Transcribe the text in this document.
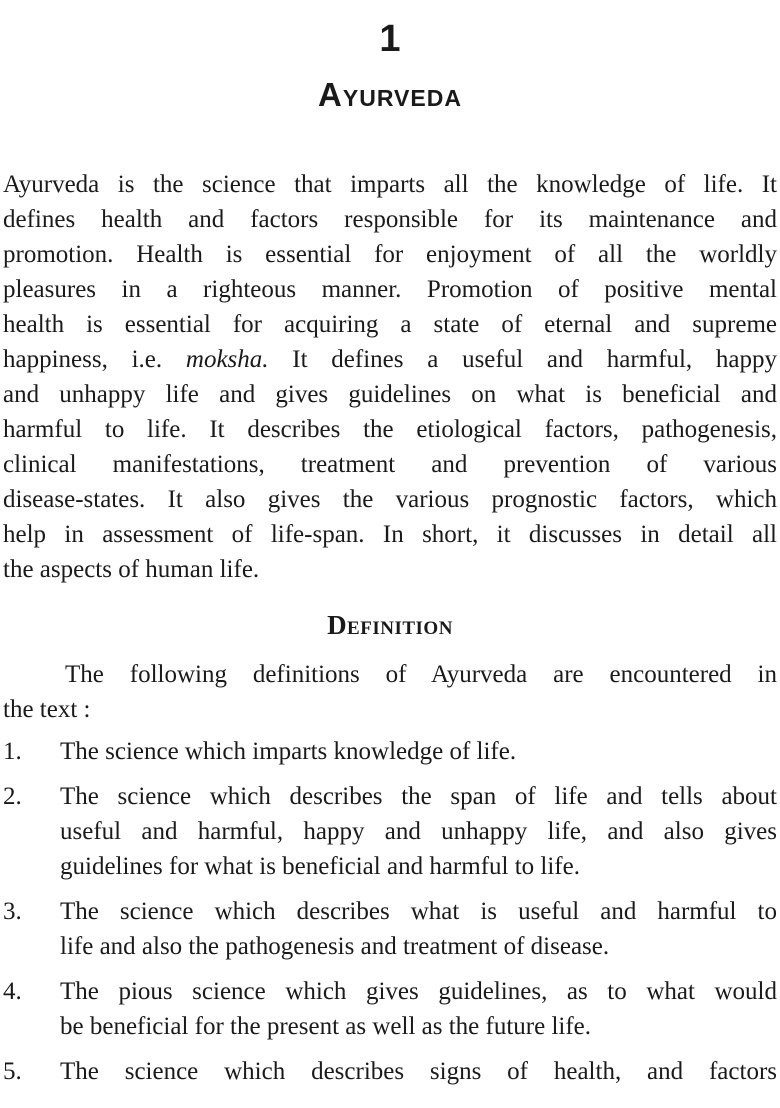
1
Ayurveda
Ayurveda is the science that imparts all the knowledge of life. It
defines health and factors responsible for its maintenance and
promotion. Health is essential for enjoyment of all the worldly
pleasures in a righteous manner. Promotion of positive mental
health is essential for acquiring a state of eternal and supreme
happiness, i.e. moksha. It defines a useful and harmful, happy
and unhappy life and gives guidelines on what is beneficial and
harmful to life. It describes the etiological factors, pathogenesis,
clinical manifestations, treatment and prevention of various
disease-states. It also gives the various prognostic factors, which
help in assessment of life-span. In short, it discusses in detail all
the aspects of human life.
Definition
The following definitions of Ayurveda are encountered in
the text :
1. The science which imparts knowledge of life.
2. The science which describes the span of life and tells about
useful and harmful, happy and unhappy life, and also gives
guidelines for what is beneficial and harmful to life.
3. The science which describes what is useful and harmful to
life and also the pathogenesis and treatment of disease.
4. The pious science which gives guidelines, as to what would
be beneficial for the present as well as the future life.
5. The science which describes signs of health, and factors
